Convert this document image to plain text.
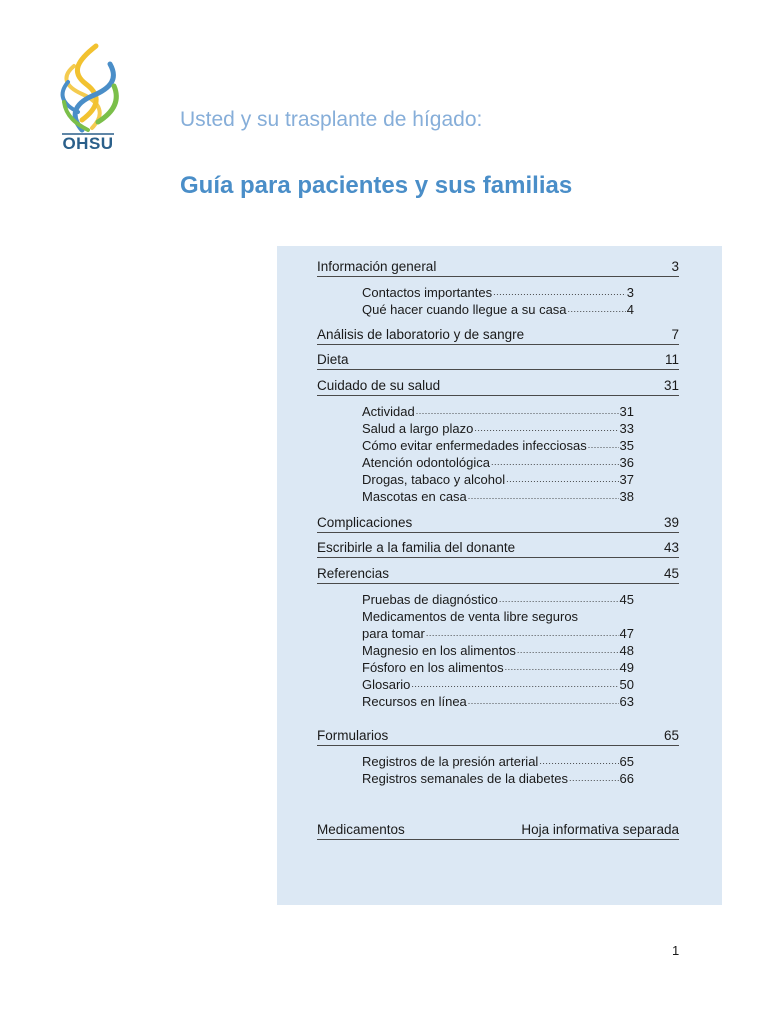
OHSU
Usted y su trasplante de hígado:
Guía para pacientes y sus familias
Información general	3
Contactos importantes .....	3
Qué hacer cuando llegue a su casa .....	4
Análisis de laboratorio y de sangre	7
Dieta	11
Cuidado de su salud	31
Actividad .....	31
Salud a largo plazo .....	33
Cómo evitar enfermedades infecciosas .....	35
Atención odontológica .....	36
Drogas, tabaco y alcohol .....	37
Mascotas en casa .....	38
Complicaciones	39
Escribirle a la familia del donante	43
Referencias	45
Pruebas de diagnóstico .....	45
Medicamentos de venta libre seguros
para tomar .....	47
Magnesio en los alimentos .....	48
Fósforo en los alimentos .....	49
Glosario .....	50
Recursos en línea .....	63
Formularios	65
Registros de la presión arterial .....	65
Registros semanales de la diabetes .....	66
Medicamentos	Hoja informativa separada
1
